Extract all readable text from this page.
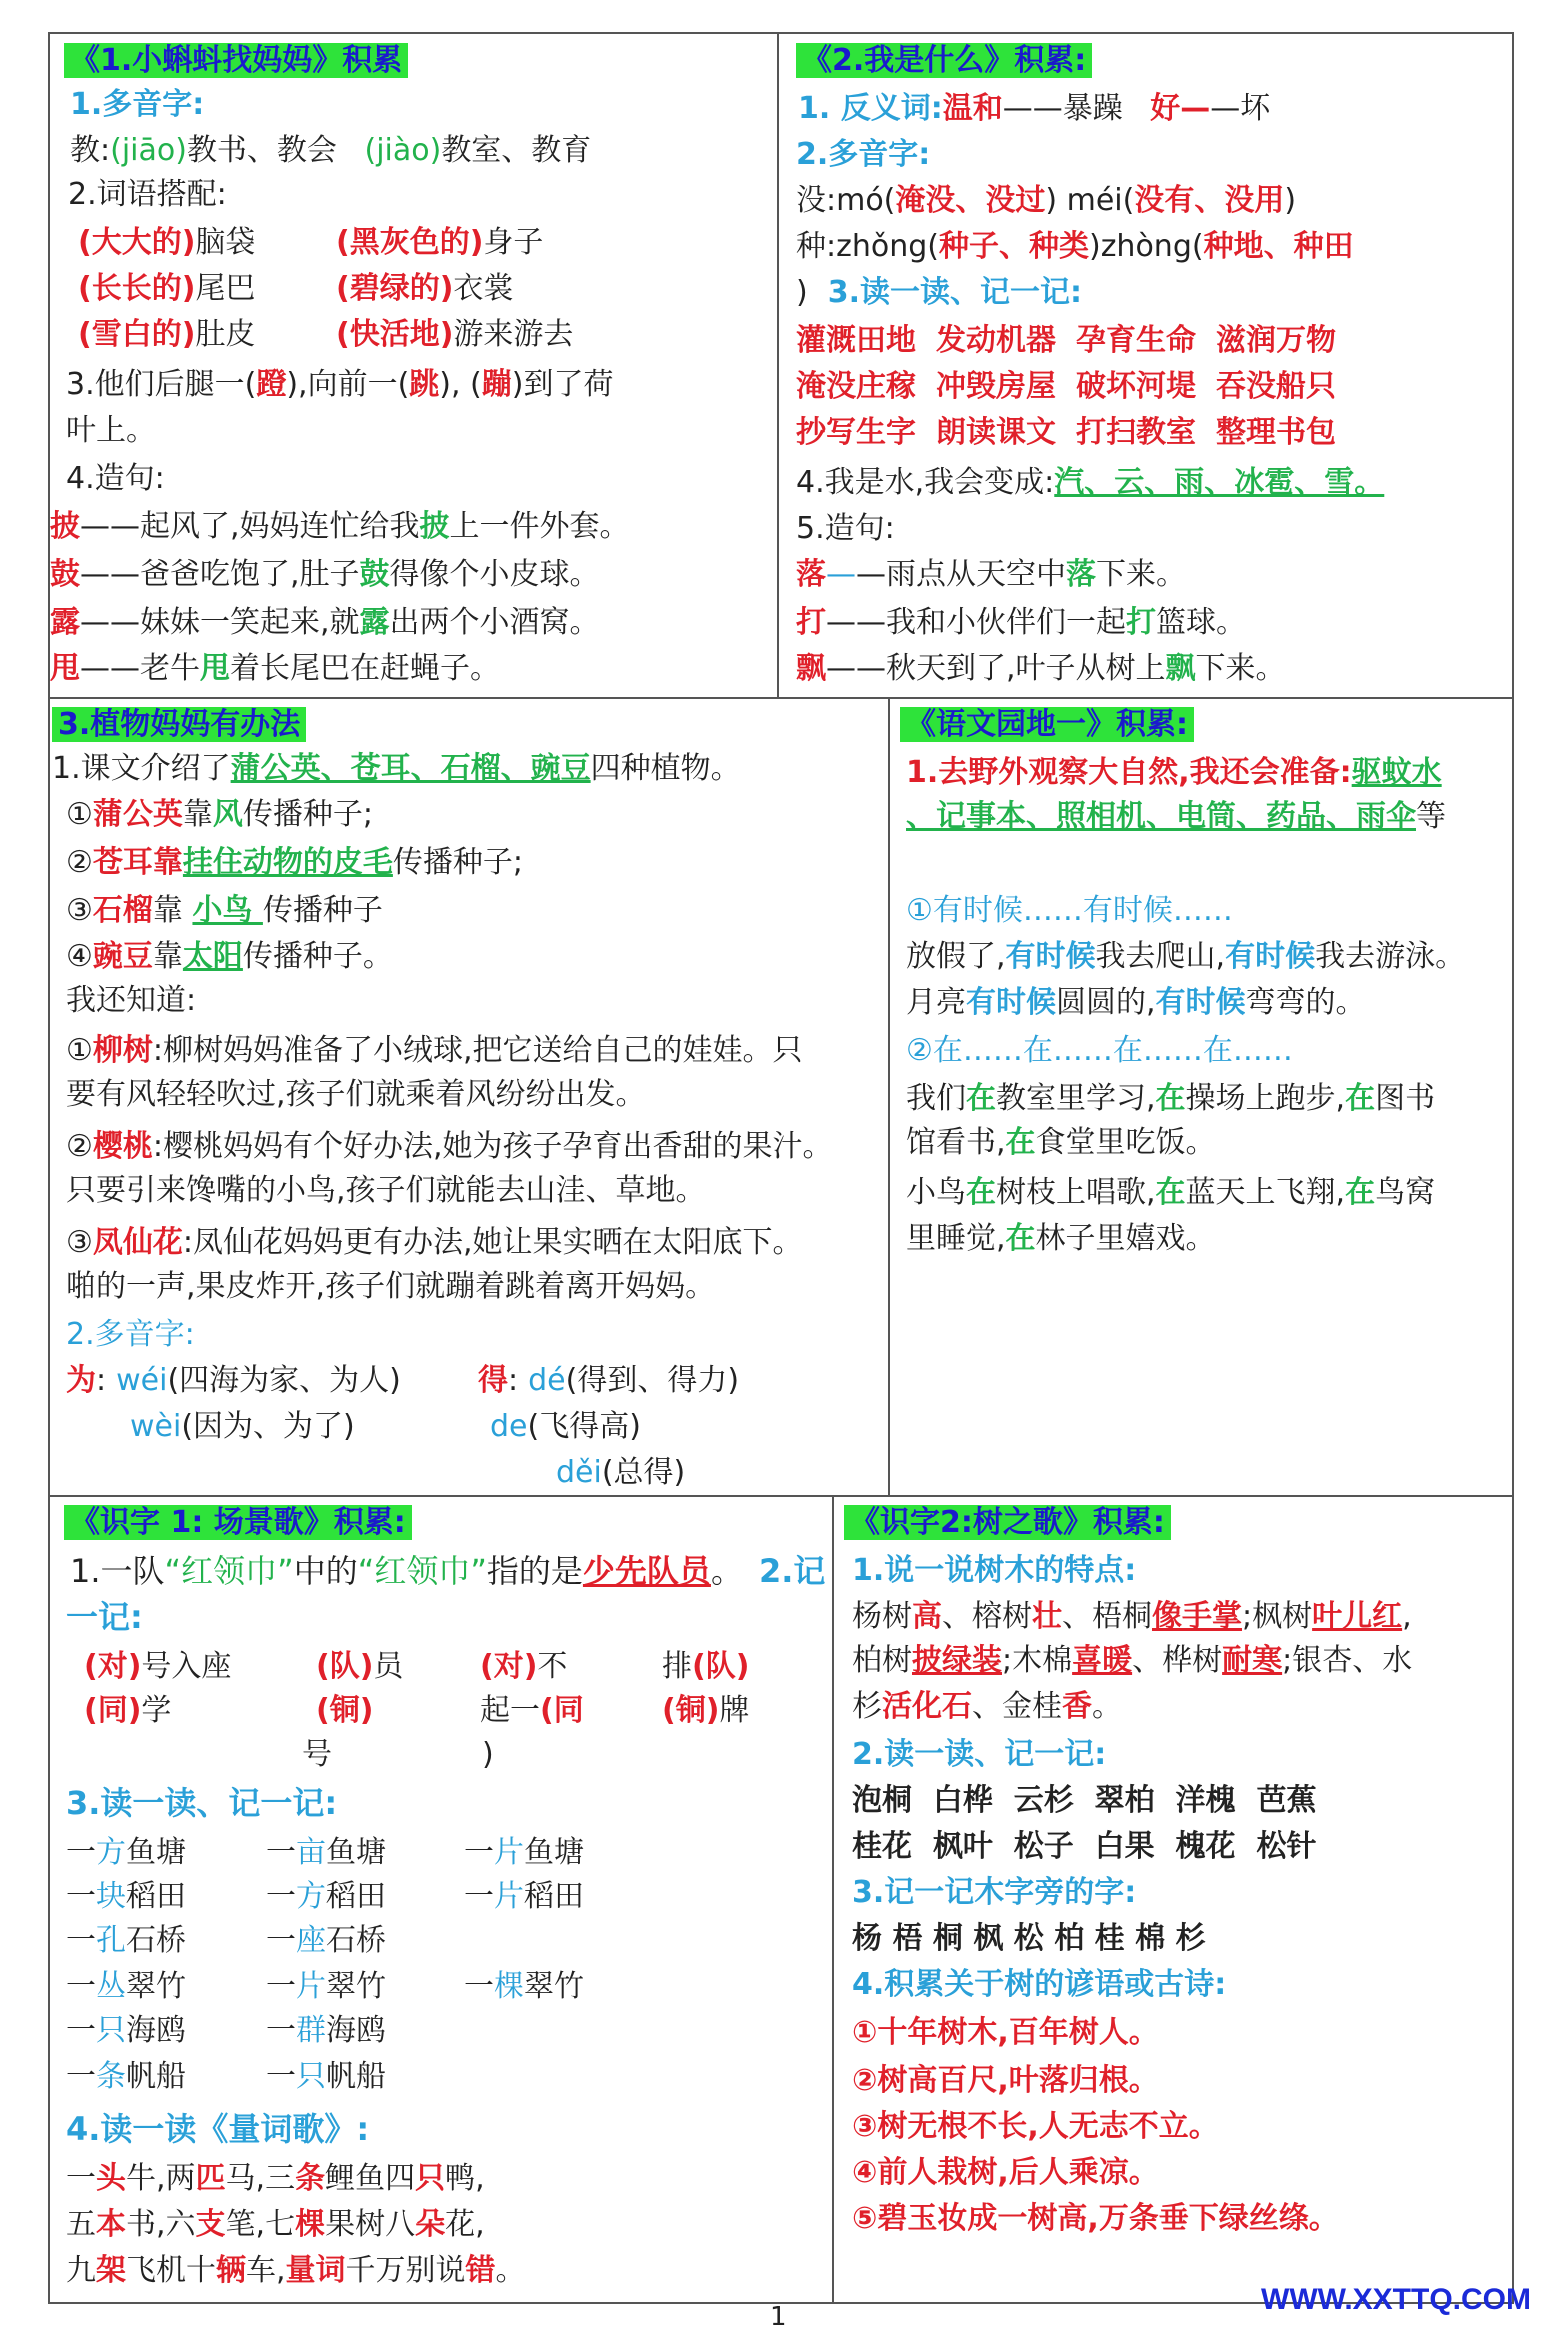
《1.小蝌蚪找妈妈》积累
1.多音字:
教:(jiāo)教书、教会 (jiào)教室、教育
2.词语搭配:
(大大的)脑袋	(黑灰色的)身子
(长长的)尾巴	(碧绿的)衣裳
(雪白的)肚皮	(快活地)游来游去
3.他们后腿一(蹬),向前一(跳), (蹦)到了荷
叶上。
4.造句:
披——起风了,妈妈连忙给我披上一件外套。
鼓——爸爸吃饱了,肚子鼓得像个小皮球。
露——妹妹一笑起来,就露出两个小酒窝。
甩——老牛甩着长尾巴在赶蝇子。
《2.我是什么》积累:
1. 反义词:温和——暴躁 好——坏
2.多音字:
没:mó(淹没、没过) méi(没有、没用)
种:zhǒng(种子、种类)zhòng(种地、种田
) 3.读一读、记一记:
灌溉田地 发动机器 孕育生命 滋润万物
淹没庄稼 冲毁房屋 破坏河堤 吞没船只
抄写生字 朗读课文 打扫教室 整理书包
4.我是水,我会变成:汽、云、雨、冰雹、雪。
5.造句:
落——雨点从天空中落下来。
打——我和小伙伴们一起打篮球。
飘——秋天到了,叶子从树上飘下来。
3.植物妈妈有办法
1.课文介绍了蒲公英、苍耳、石榴、豌豆四种植物。
①蒲公英靠风传播种子;
②苍耳靠挂住动物的皮毛传播种子;
③石榴靠 小鸟 传播种子
④豌豆靠太阳传播种子。
我还知道:
①柳树:柳树妈妈准备了小绒球,把它送给自己的娃娃。只
要有风轻轻吹过,孩子们就乘着风纷纷出发。
②樱桃:樱桃妈妈有个好办法,她为孩子孕育出香甜的果汁。
只要引来馋嘴的小鸟,孩子们就能去山洼、草地。
③凤仙花:凤仙花妈妈更有办法,她让果实晒在太阳底下。
啪的一声,果皮炸开,孩子们就蹦着跳着离开妈妈。
2.多音字:
为: wéi(四海为家、为人)	得: dé(得到、得力)
wèi(因为、为了)	de(飞得高)
děi(总得)
《语文园地一》积累:
1.去野外观察大自然,我还会准备:驱蚊水
、记事本、照相机、电筒、药品、雨伞等
①有时候……有时候……
放假了,有时候我去爬山,有时候我去游泳。
月亮有时候圆圆的,有时候弯弯的。
②在……在……在……在……
我们在教室里学习,在操场上跑步,在图书
馆看书,在食堂里吃饭。
小鸟在树枝上唱歌,在蓝天上飞翔,在鸟窝
里睡觉,在林子里嬉戏。
《识字 1: 场景歌》积累:
1.一队“红领巾”中的“红领巾”指的是少先队员。 2.记
一记:
(对)号入座	(队)员	(对)不	排(队)
(同)学	(铜)	起一(同	(铜)牌
号	)
3.读一读、记一记:
一方鱼塘	一亩鱼塘	一片鱼塘
一块稻田	一方稻田	一片稻田
一孔石桥	一座石桥
一丛翠竹	一片翠竹	一棵翠竹
一只海鸥	一群海鸥
一条帆船	一只帆船
4.读一读《量词歌》:
一头牛,两匹马,三条鲤鱼四只鸭,
五本书,六支笔,七棵果树八朵花,
九架飞机十辆车,量词千万别说错。
《识字2:树之歌》积累:
1.说一说树木的特点:
杨树高、榕树壮、梧桐像手掌;枫树叶儿红,
柏树披绿装;木棉喜暖、桦树耐寒;银杏、水
杉活化石、金桂香。
2.读一读、记一记:
泡桐  白桦  云杉  翠柏  洋槐  芭蕉
桂花  枫叶  松子  白果  槐花  松针
3.记一记木字旁的字:
杨 梧 桐 枫 松 柏 桂 棉 杉
4.积累关于树的谚语或古诗:
①十年树木,百年树人。
②树高百尺,叶落归根。
③树无根不长,人无志不立。
④前人栽树,后人乘凉。
⑤碧玉妆成一树高,万条垂下绿丝绦。
1
WWW.XXTTQ.COM
